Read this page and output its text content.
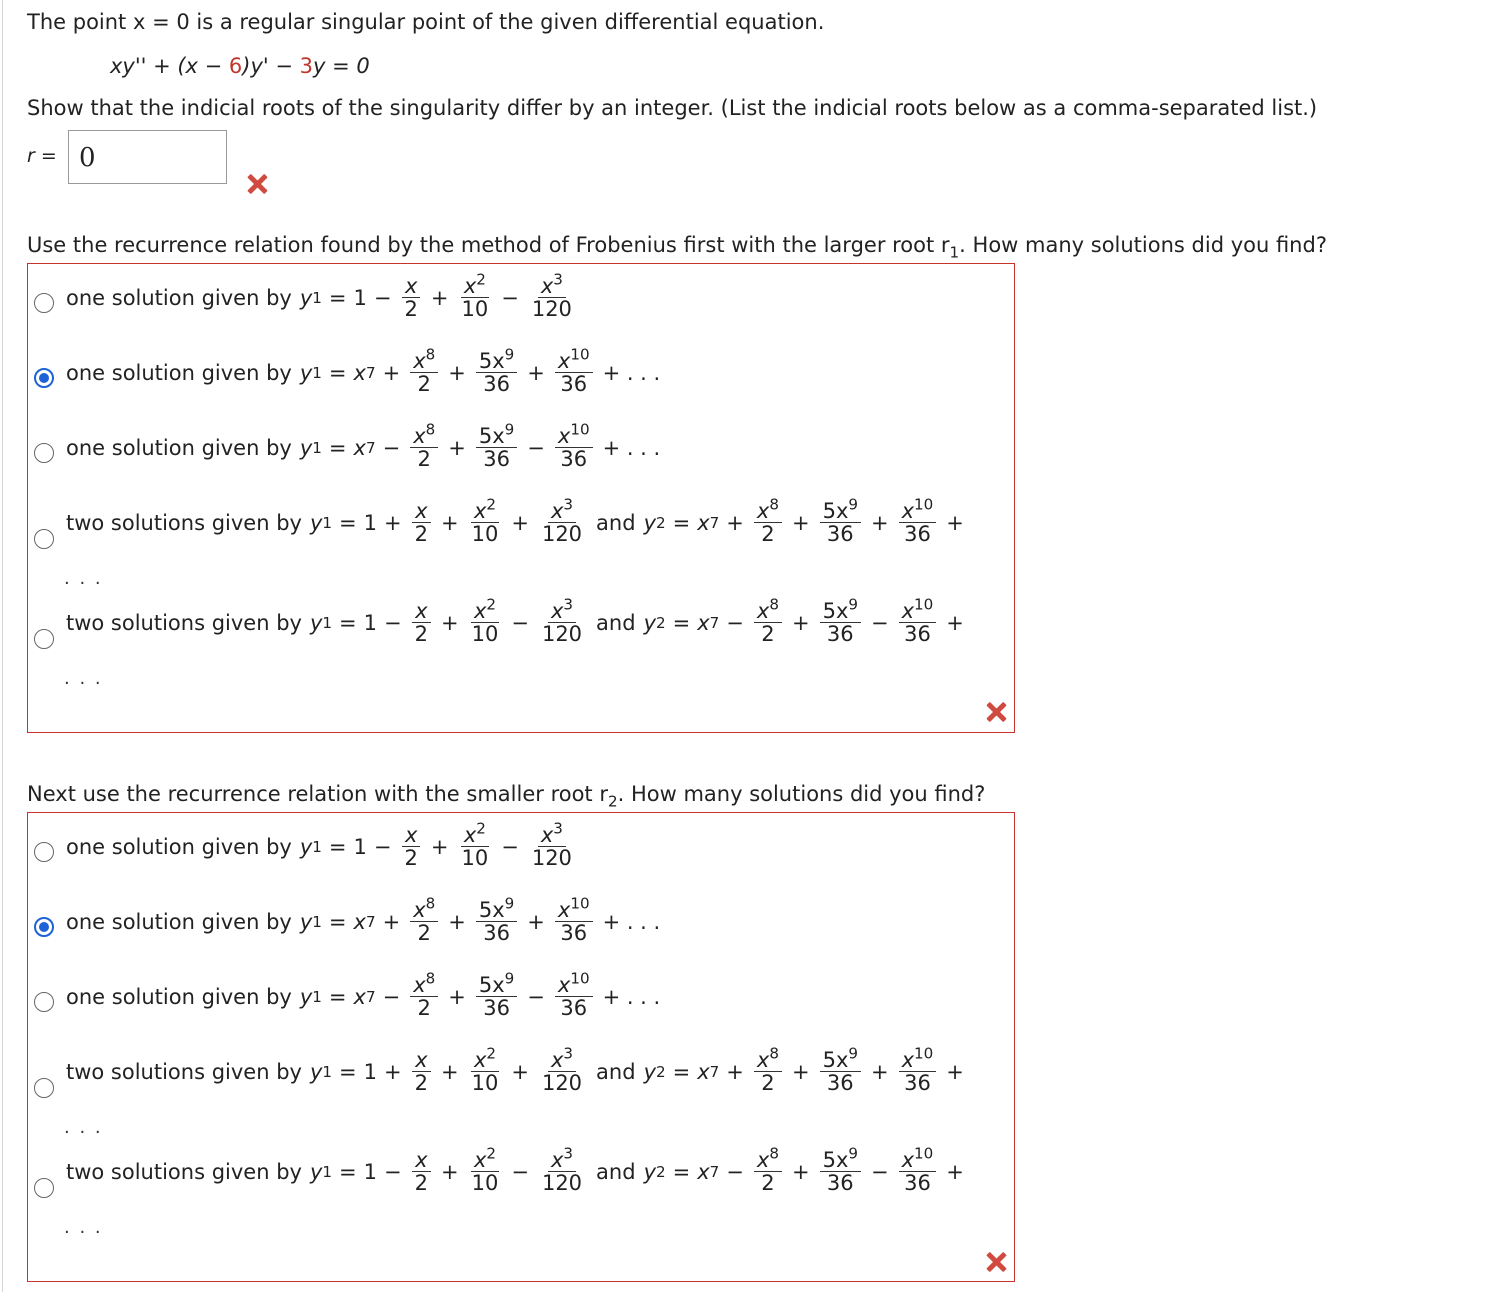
The point x = 0 is a regular singular point of the given differential equation.
xy'' + (x − 6)y' − 3y = 0
Show that the indicial roots of the singularity differ by an integer. (List the indicial roots below as a comma-separated list.)
r = 0
Use the recurrence relation found by the method of Frobenius first with the larger root $r_1$. How many solutions did you find?
Next use the recurrence relation with the smaller root $r_2$. How many solutions did you find?
one solution given by y $1 = 1 - \frac{x}{2} + \frac{x^2}{10} - \frac{x^3}{120}$
one solution given by y 1 = x $7 + \frac{x^8}{2} + \frac{5x^9}{36} + \frac{x^{10}}{36}$ + . . .
one solution given by y 1 = x $7 - \frac{x^8}{2} + \frac{5x^9}{36} - \frac{x^{10}}{36}$ + . . .
two solutions given by y $1 = 1 + \frac{x}{2} + \frac{x^2}{10} + \frac{x^3}{120}$ and y 2 = x $7 + \frac{x^8}{2} + \frac{5x^9}{36} + \frac{x^{10}}{36}$ +
. . .
two solutions given by y $1 = 1 - \frac{x}{2} + \frac{x^2}{10} - \frac{x^3}{120}$ and y 2 = x $7 - \frac{x^8}{2} + \frac{5x^9}{36} - \frac{x^{10}}{36}$ +
. . .
one solution given by y $1 = 1 - \frac{x}{2} + \frac{x^2}{10} - \frac{x^3}{120}$
one solution given by y 1 = x $7 + \frac{x^8}{2} + \frac{5x^9}{36} + \frac{x^{10}}{36}$ + . . .
one solution given by y 1 = x $7 - \frac{x^8}{2} + \frac{5x^9}{36} - \frac{x^{10}}{36}$ + . . .
two solutions given by y $1 = 1 + \frac{x}{2} + \frac{x^2}{10} + \frac{x^3}{120}$ and y 2 = x $7 + \frac{x^8}{2} + \frac{5x^9}{36} + \frac{x^{10}}{36}$ +
. . .
two solutions given by y $1 = 1 - \frac{x}{2} + \frac{x^2}{10} - \frac{x^3}{120}$ and y 2 = x $7 - \frac{x^8}{2} + \frac{5x^9}{36} - \frac{x^{10}}{36}$ +
. . .
